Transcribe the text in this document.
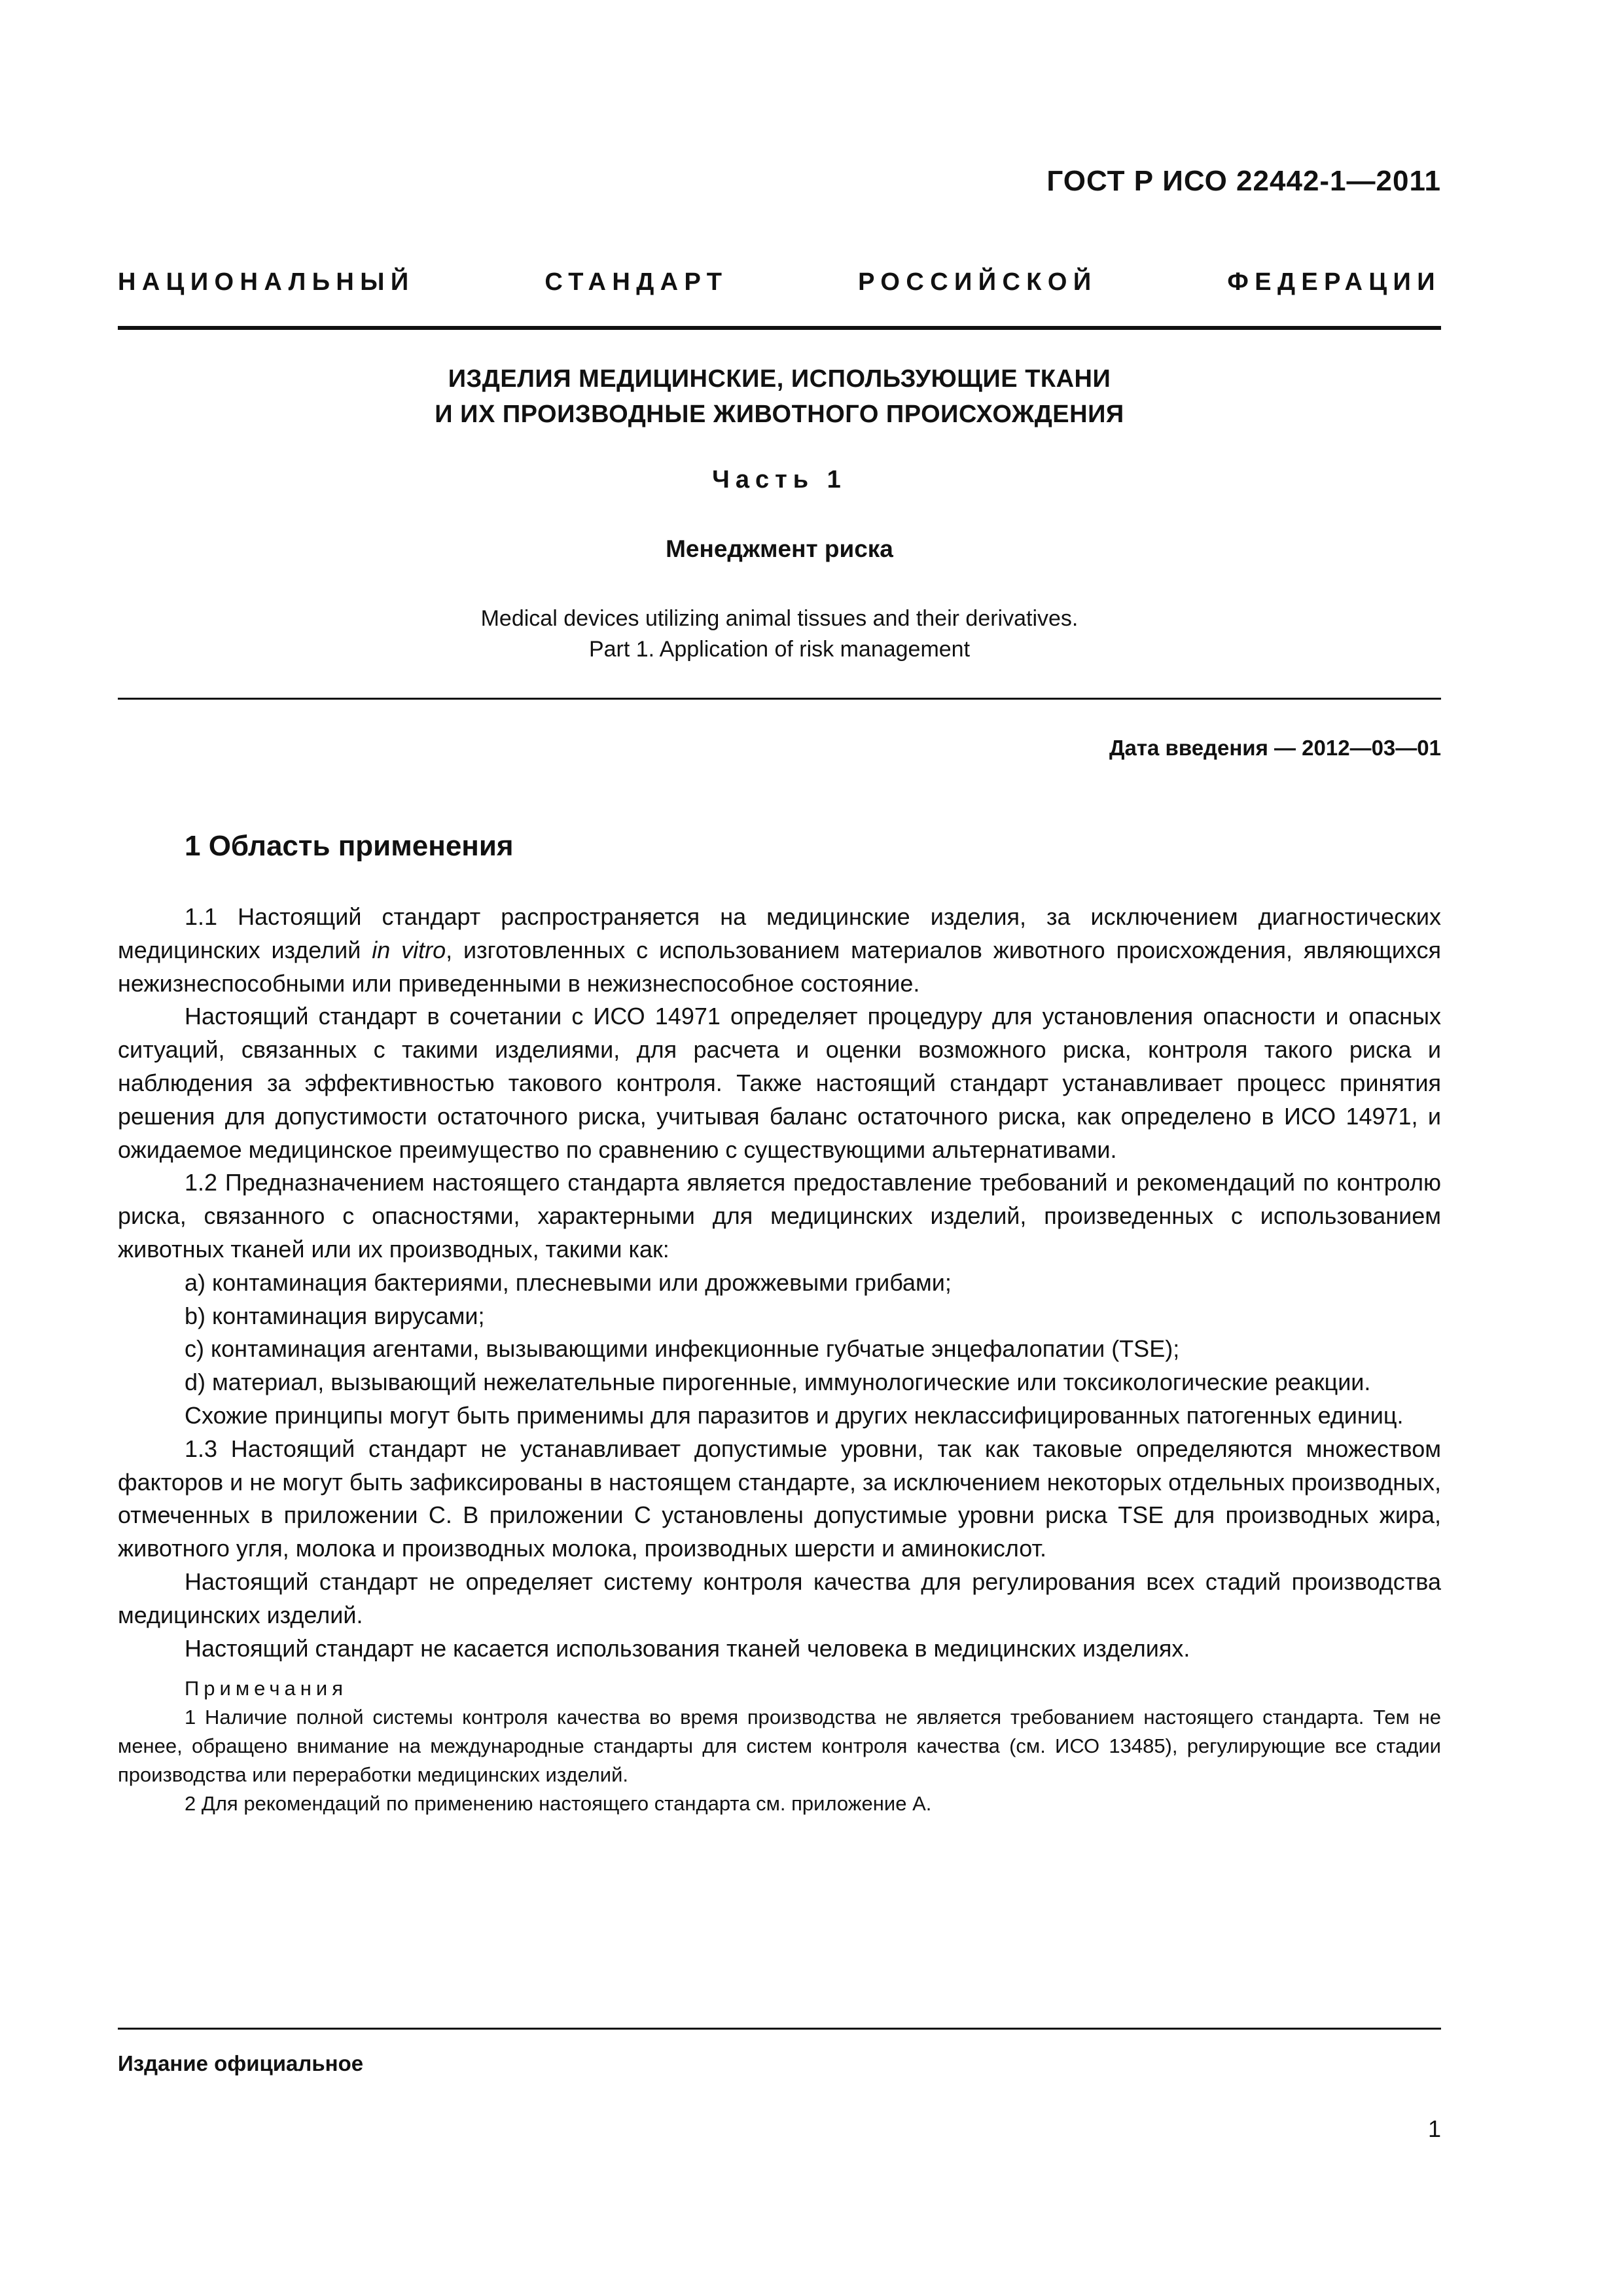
ГОСТ Р ИСО 22442-1—2011
НАЦИОНАЛЬНЫЙ	СТАНДАРТ	РОССИЙСКОЙ	ФЕДЕРАЦИИ
ИЗДЕЛИЯ МЕДИЦИНСКИЕ, ИСПОЛЬЗУЮЩИЕ ТКАНИ
И ИХ ПРОИЗВОДНЫЕ ЖИВОТНОГО ПРОИСХОЖДЕНИЯ
Часть 1
Менеджмент риска
Medical devices utilizing animal tissues and their derivatives.
Part 1. Application of risk management
Дата введения — 2012—03—01
1 Область применения

1.1 Настоящий стандарт распространяется на медицинские изделия, за исключением диагностических медицинских изделий in vitro, изготовленных с использованием материалов животного происхождения, являющихся нежизнеспособными или приведенными в нежизнеспособное состояние.

Настоящий стандарт в сочетании с ИСО 14971 определяет процедуру для установления опасности и опасных ситуаций, связанных с такими изделиями, для расчета и оценки возможного риска, контроля такого риска и наблюдения за эффективностью такового контроля. Также настоящий стандарт устанавливает процесс принятия решения для допустимости остаточного риска, учитывая баланс остаточного риска, как определено в ИСО 14971, и ожидаемое медицинское преимущество по сравнению с существующими альтернативами.

1.2 Предназначением настоящего стандарта является предоставление требований и рекомендаций по контролю риска, связанного с опасностями, характерными для медицинских изделий, произведенных с использованием животных тканей или их производных, такими как:

a) контаминация бактериями, плесневыми или дрожжевыми грибами;

b) контаминация вирусами;

c) контаминация агентами, вызывающими инфекционные губчатые энцефалопатии (TSE);

d) материал, вызывающий нежелательные пирогенные, иммунологические или токсикологические реакции.

Схожие принципы могут быть применимы для паразитов и других неклассифицированных патогенных единиц.

1.3 Настоящий стандарт не устанавливает допустимые уровни, так как таковые определяются множеством факторов и не могут быть зафиксированы в настоящем стандарте, за исключением некоторых отдельных производных, отмеченных в приложении С. В приложении С установлены допустимые уровни риска TSE для производных жира, животного угля, молока и производных молока, производных шерсти и аминокислот.

Настоящий стандарт не определяет систему контроля качества для регулирования всех стадий производства медицинских изделий.

Настоящий стандарт не касается использования тканей человека в медицинских изделиях.

Примечания

1 Наличие полной системы контроля качества во время производства не является требованием настоящего стандарта. Тем не менее, обращено внимание на международные стандарты для систем контроля качества (см. ИСО 13485), регулирующие все стадии производства или переработки медицинских изделий.

2 Для рекомендаций по применению настоящего стандарта см. приложение А.

Издание официальное
1
